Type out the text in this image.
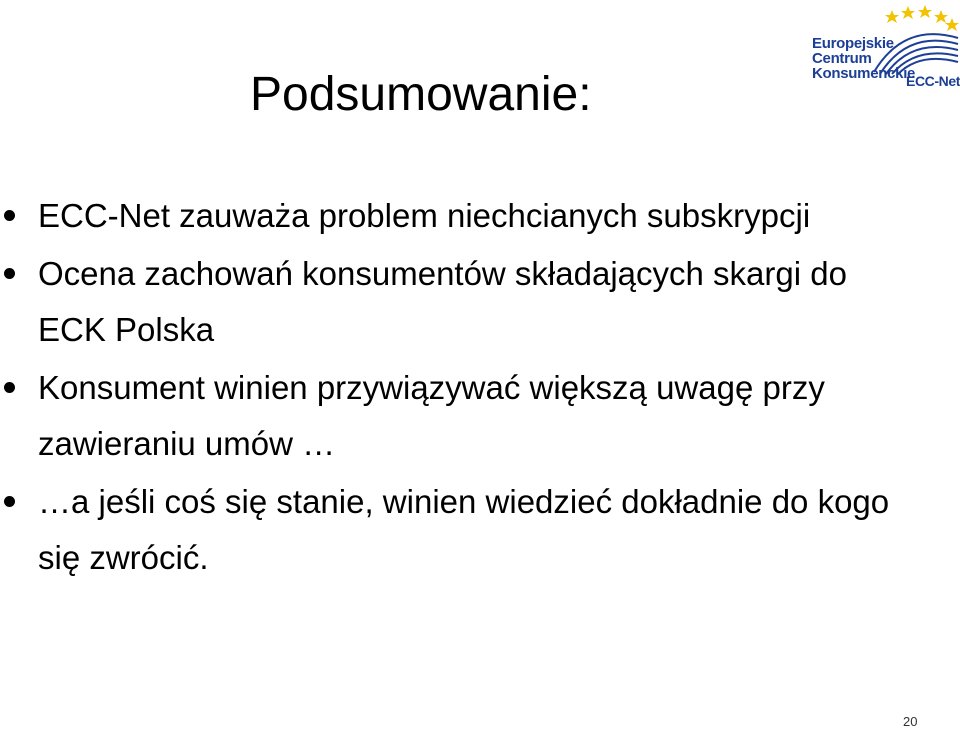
Podsumowanie:
Europejskie
Centrum
Konsumenckie
ECC-Net
ECC-Net zauważa problem niechcianych subskrypcji
Ocena zachowań konsumentów składających skargi do ECK Polska
Konsument winien przywiązywać większą uwagę przy zawieraniu umów …
…a jeśli coś się stanie, winien wiedzieć dokładnie do kogo się zwrócić.
20
